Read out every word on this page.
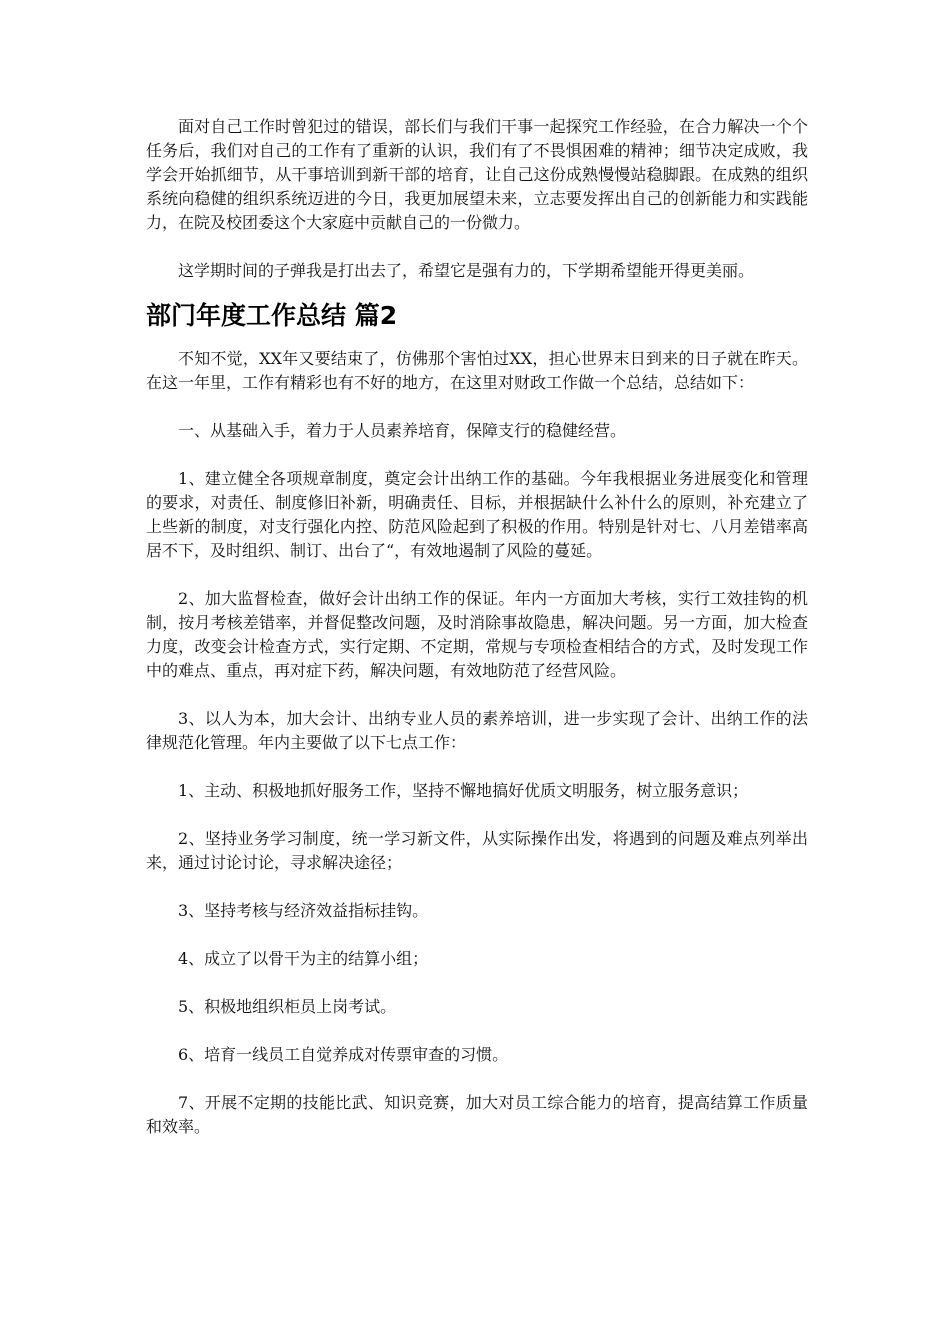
面对自己工作时曾犯过的错误，部长们与我们干事一起探究工作经验，在合力解决一个个任务后，我们对自己的工作有了重新的认识，我们有了不畏惧困难的精神；细节决定成败，我学会开始抓细节，从干事培训到新干部的培育，让自己这份成熟慢慢站稳脚跟。在成熟的组织系统向稳健的组织系统迈进的今日，我更加展望未来，立志要发挥出自己的创新能力和实践能力，在院及校团委这个大家庭中贡献自己的一份微力。

这学期时间的子弹我是打出去了，希望它是强有力的，下学期希望能开得更美丽。

部门年度工作总结 篇2

不知不觉，XX年又要结束了，仿佛那个害怕过XX，担心世界末日到来的日子就在昨天。在这一年里，工作有精彩也有不好的地方，在这里对财政工作做一个总结，总结如下：

一、从基础入手，着力于人员素养培育，保障支行的稳健经营。

1、建立健全各项规章制度，奠定会计出纳工作的基础。今年我根据业务进展变化和管理的要求，对责任、制度修旧补新，明确责任、目标，并根据缺什么补什么的原则，补充建立了上些新的制度，对支行强化内控、防范风险起到了积极的作用。特别是针对七、八月差错率高居不下，及时组织、制订、出台了“，有效地遏制了风险的蔓延。

2、加大监督检查，做好会计出纳工作的保证。年内一方面加大考核，实行工效挂钩的机制，按月考核差错率，并督促整改问题，及时消除事故隐患，解决问题。另一方面，加大检查力度，改变会计检查方式，实行定期、不定期，常规与专项检查相结合的方式，及时发现工作中的难点、重点，再对症下药，解决问题，有效地防范了经营风险。

3、以人为本，加大会计、出纳专业人员的素养培训，进一步实现了会计、出纳工作的法律规范化管理。年内主要做了以下七点工作：

1、主动、积极地抓好服务工作，坚持不懈地搞好优质文明服务，树立服务意识；

2、坚持业务学习制度，统一学习新文件，从实际操作出发，将遇到的问题及难点列举出来，通过讨论讨论，寻求解决途径；

3、坚持考核与经济效益指标挂钩。

4、成立了以骨干为主的结算小组；

5、积极地组织柜员上岗考试。

6、培育一线员工自觉养成对传票审查的习惯。

7、开展不定期的技能比武、知识竞赛，加大对员工综合能力的培育，提高结算工作质量和效率。
